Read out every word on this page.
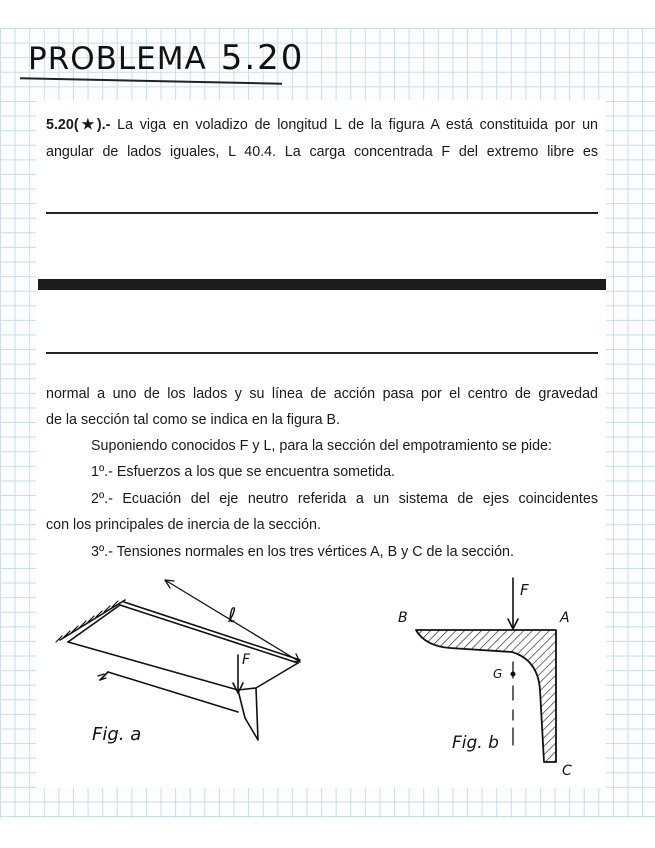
PROBLEMA 5.20

5.20(★).- La viga en voladizo de longitud L de la figura A está constituida por un

angular de lados iguales, L 40.4. La carga concentrada F del extremo libre es

normal a uno de los lados y su línea de acción pasa por el centro de gravedad

de la sección tal como se indica en la figura B.

Suponiendo conocidos F y L, para la sección del empotramiento se pide:

1º.- Esfuerzos a los que se encuentra sometida.

2º.- Ecuación del eje neutro referida a un sistema de ejes coincidentes

con los principales de inercia de la sección.

3º.- Tensiones normales en los tres vértices A, B y C de la sección.

ℓ
F
Fig. a
F
B	A
C
G
Fig. b
